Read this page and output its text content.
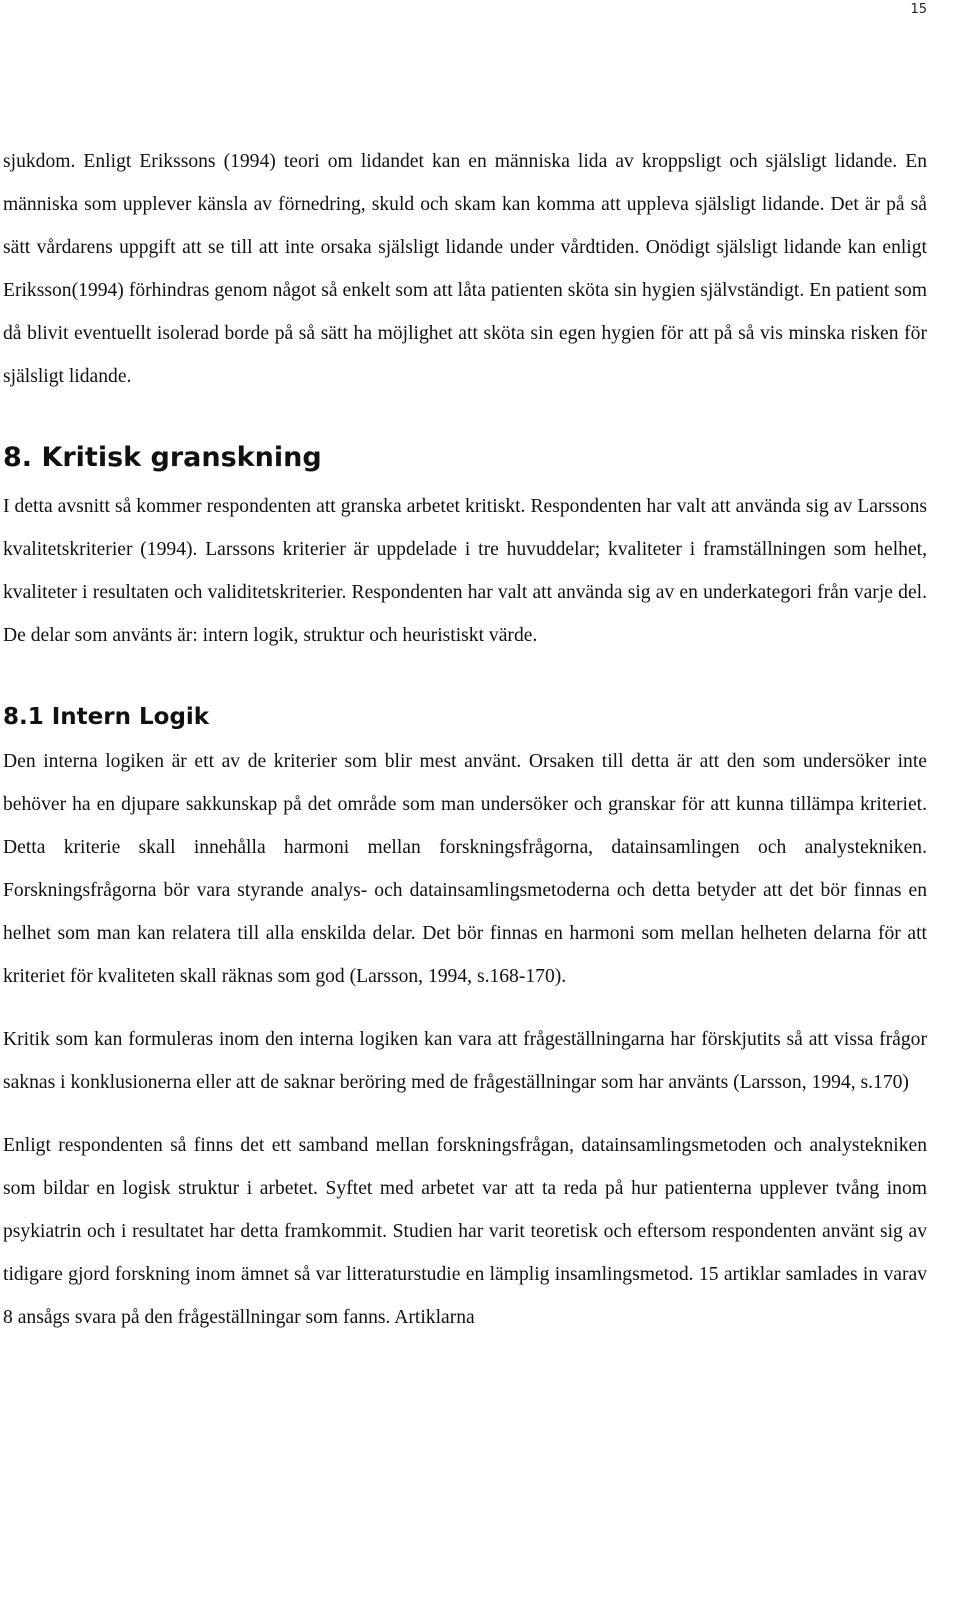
15

sjukdom. Enligt Erikssons (1994) teori om lidandet kan en människa lida av kroppsligt och själsligt lidande. En människa som upplever känsla av förnedring, skuld och skam kan komma att uppleva själsligt lidande. Det är på så sätt vårdarens uppgift att se till att inte orsaka själsligt lidande under vårdtiden. Onödigt själsligt lidande kan enligt Eriksson(1994) förhindras genom något så enkelt som att låta patienten sköta sin hygien självständigt. En patient som då blivit eventuellt isolerad borde på så sätt ha möjlighet att sköta sin egen hygien för att på så vis minska risken för själsligt lidande.

8. Kritisk granskning

I detta avsnitt så kommer respondenten att granska arbetet kritiskt. Respondenten har valt att använda sig av Larssons kvalitetskriterier (1994). Larssons kriterier är uppdelade i tre huvuddelar; kvaliteter i framställningen som helhet, kvaliteter i resultaten och validitetskriterier. Respondenten har valt att använda sig av en underkategori från varje del. De delar som använts är: intern logik, struktur och heuristiskt värde.

8.1 Intern Logik

Den interna logiken är ett av de kriterier som blir mest använt. Orsaken till detta är att den som undersöker inte behöver ha en djupare sakkunskap på det område som man undersöker och granskar för att kunna tillämpa kriteriet. Detta kriterie skall innehålla harmoni mellan forskningsfrågorna, datainsamlingen och analystekniken. Forskningsfrågorna bör vara styrande analys- och datainsamlingsmetoderna och detta betyder att det bör finnas en helhet som man kan relatera till alla enskilda delar. Det bör finnas en harmoni som mellan helheten delarna för att kriteriet för kvaliteten skall räknas som god (Larsson, 1994, s.168-170).

Kritik som kan formuleras inom den interna logiken kan vara att frågeställningarna har förskjutits så att vissa frågor saknas i konklusionerna eller att de saknar beröring med de frågeställningar som har använts (Larsson, 1994, s.170)

Enligt respondenten så finns det ett samband mellan forskningsfrågan, datainsamlingsmetoden och analystekniken som bildar en logisk struktur i arbetet. Syftet med arbetet var att ta reda på hur patienterna upplever tvång inom psykiatrin och i resultatet har detta framkommit. Studien har varit teoretisk och eftersom respondenten använt sig av tidigare gjord forskning inom ämnet så var litteraturstudie en lämplig insamlingsmetod. 15 artiklar samlades in varav 8 ansågs svara på den frågeställningar som fanns. Artiklarna
